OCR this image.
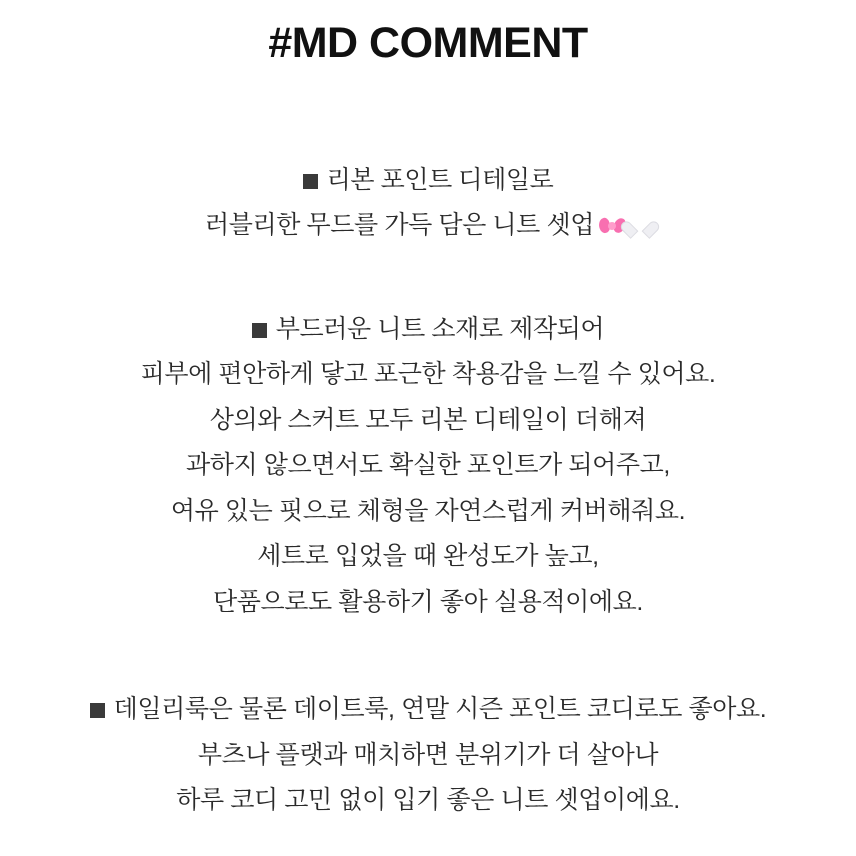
#MD COMMENT
리본 포인트 디테일로
러블리한 무드를 가득 담은 니트 셋업
부드러운 니트 소재로 제작되어
피부에 편안하게 닿고 포근한 착용감을 느낄 수 있어요.
상의와 스커트 모두 리본 디테일이 더해져
과하지 않으면서도 확실한 포인트가 되어주고,
여유 있는 핏으로 체형을 자연스럽게 커버해줘요.
세트로 입었을 때 완성도가 높고,
단품으로도 활용하기 좋아 실용적이에요.
데일리룩은 물론 데이트룩, 연말 시즌 포인트 코디로도 좋아요.
부츠나 플랫과 매치하면 분위기가 더 살아나
하루 코디 고민 없이 입기 좋은 니트 셋업이에요.
